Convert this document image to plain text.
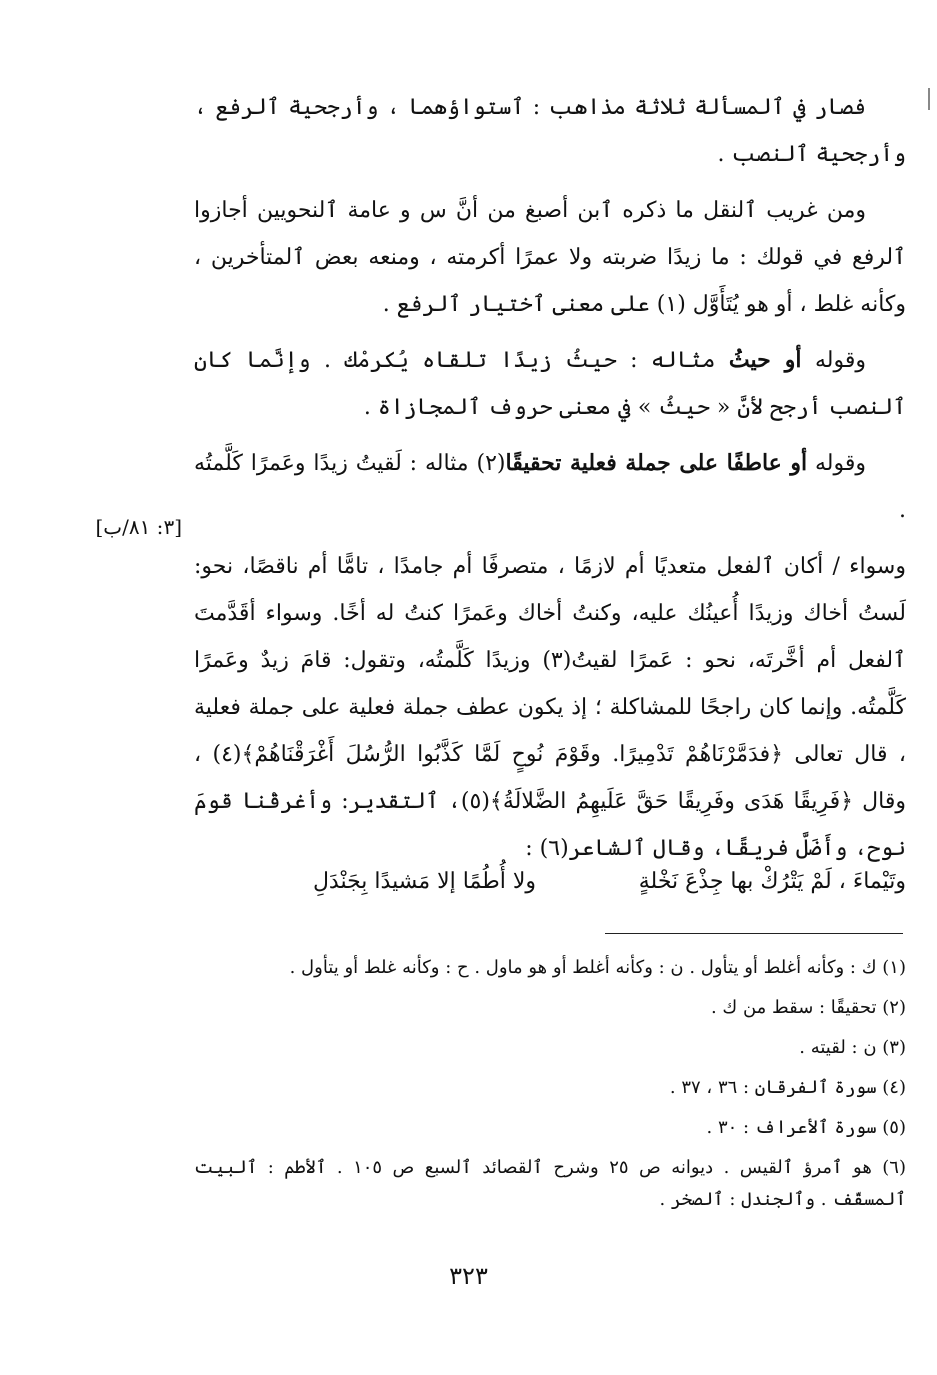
فصار في ٱلمسألة ثلاثة مذاهب : ٱستواؤهما ، وأرجحية ٱلرفع ، وأرجحية ٱلنصب .

ومن غريب ٱلنقل ما ذكره ٱبن أصبغ من أنَّ س و عامة ٱلنحويين أجازوا ٱلرفع في قولك : ما زيدًا ضربته ولا عمرًا أكرمته ، ومنعه بعض ٱلمتأخرين ، وكأنه غلط ، أو هو يُتَأَوَّل (١) على معنى ٱختيار ٱلرفع .

وقوله أو حيثُ مثاله : حيثُ زيدًا تلقاه يُكرمْك . وإنَّما كان ٱلنصب أرجح لأنَّ « حيثُ » في معنى حروف ٱلمجازاة .

وقوله أو عاطفًا على جملة فعلية تحقيقًا(٢) مثاله : لَقيتُ زيدًا وعَمرًا كَلَّمتُه .

وسواء / أكان ٱلفعل متعديًا أم لازمًا ، متصرفًا أم جامدًا ، تامًّا أم ناقصًا، نحو: لَستُ أخاك وزيدًا أُعينُك عليه، وكنتُ أخاك وعَمرًا كنتُ له أخًا. وسواء أقَدَّمتَ ٱلفعل أم أخَّرتَه، نحو : عَمرًا لقيتُ(٣) وزيدًا كَلَّمتُه، وتقول: قامَ زيدٌ وعَمرًا كَلَّمتُه. وإنما كان راجحًا للمشاكلة ؛ إذ يكون عطف جملة فعلية على جملة فعلية ، قال تعالى ﴿فدَمَّرْنَاهُمْ تَدْمِيرًا. وقَوْمَ نُوحٍ لَمَّا كَذَّبُوا الرُّسُلَ أَغْرَقْنَاهُمْ﴾(٤) ، وقال ﴿فَرِيقًا هَدَى وفَرِيقًا حَقَّ عَلَيهِمُ الضَّلالَةُ﴾(٥)، ٱلتقدير: وأغرقْنا قومَ نوح، وأَضَلَّ فريقًا، وقال ٱلشاعر(٦) :

[٣: ٨١/ب]
وتَيْماءَ ، لَمْ يَتْرُكْ بها جِذْعَ نَخْلةٍ
ولا أُطُمًا إلا مَشيدًا بِجَنْدَلِ
(١) ك : وكأنه أغلط أو يتأول . ن : وكأنه أغلط أو هو ماول . ح : وكأنه غلط أو يتأول .
(٢) تحقيقًا : سقط من ك .
(٣) ن : لقيته .
(٤) سورة ٱلفرقان : ٣٦ ، ٣٧ .
(٥) سورة ٱلأعراف : ٣٠ .
(٦) هو ٱمرؤ ٱلقيس . ديوانه ص ٢٥ وشرح ٱلقصائد ٱلسبع ص ١٠٥ . ٱلأطم : ٱلبيت ٱلمسقّف . وٱلجندل : ٱلصخر .
٣٢٣
